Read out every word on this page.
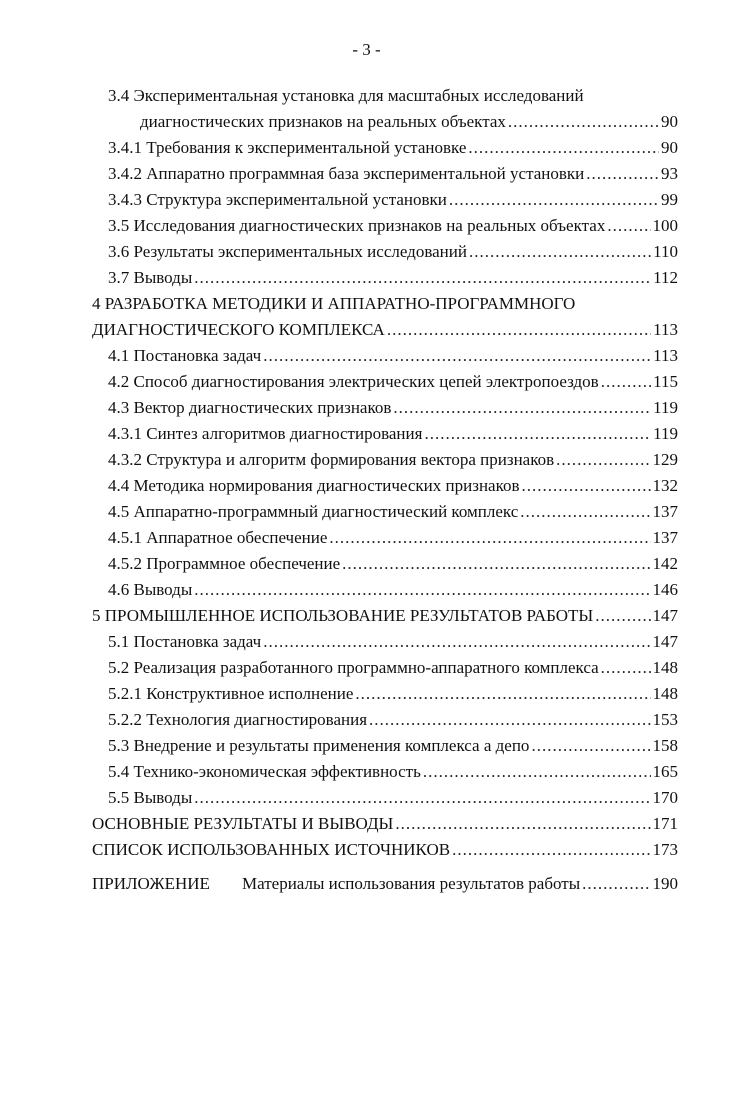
- 3 -
3.4 Экспериментальная установка для масштабных исследований
диагностических признаков на реальных объектах .....	90
3.4.1 Требования к экспериментальной установке .....	90
3.4.2 Аппаратно программная база экспериментальной установки .....	93
3.4.3 Структура экспериментальной установки .....	99
3.5 Исследования диагностических признаков на реальных объектах .....	100
3.6 Результаты экспериментальных исследований .....	110
3.7 Выводы .....	112
4 РАЗРАБОТКА МЕТОДИКИ И АППАРАТНО-ПРОГРАММНОГО
ДИАГНОСТИЧЕСКОГО КОМПЛЕКСА .....	113
4.1 Постановка задач .....	113
4.2 Способ диагностирования электрических цепей электропоездов .....	115
4.3 Вектор диагностических признаков .....	119
4.3.1 Синтез алгоритмов диагностирования .....	119
4.3.2 Структура и алгоритм формирования вектора признаков .....	129
4.4 Методика нормирования диагностических признаков .....	132
4.5 Аппаратно-программный диагностический комплекс .....	137
4.5.1 Аппаратное обеспечение .....	137
4.5.2 Программное обеспечение .....	142
4.6 Выводы .....	146
5 ПРОМЫШЛЕННОЕ ИСПОЛЬЗОВАНИЕ РЕЗУЛЬТАТОВ РАБОТЫ .....	147
5.1 Постановка задач .....	147
5.2 Реализация разработанного программно-аппаратного комплекса .....	148
5.2.1 Конструктивное исполнение .....	148
5.2.2 Технология диагностирования .....	153
5.3 Внедрение и результаты применения комплекса а депо .....	158
5.4 Технико-экономическая эффективность .....	165
5.5 Выводы .....	170
ОСНОВНЫЕ РЕЗУЛЬТАТЫ И ВЫВОДЫ .....	171
СПИСОК ИСПОЛЬЗОВАННЫХ ИСТОЧНИКОВ .....	173
ПРИЛОЖЕНИЕ	Материалы использования результатов работы .....	190
